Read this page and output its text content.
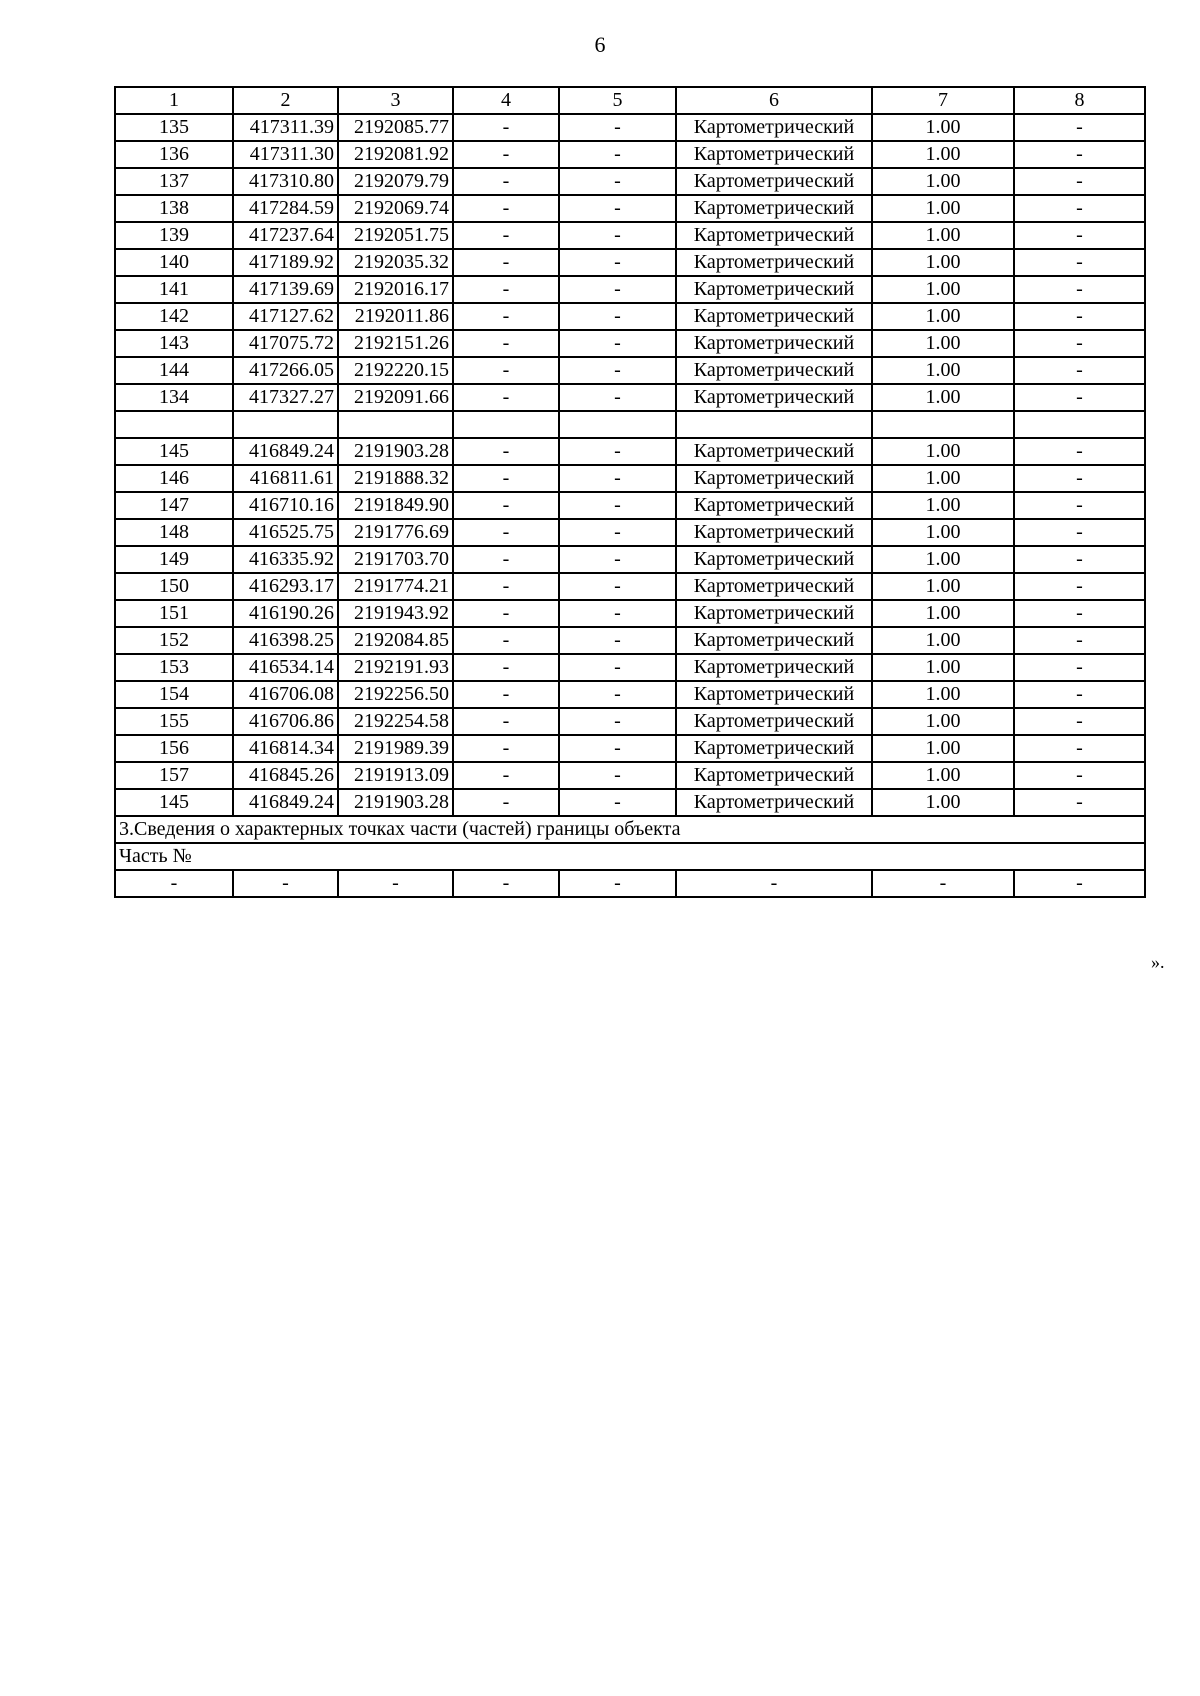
6
1	2	3	4	5	6	7	8
135	417311.39	2192085.77	-	-	Картометрический	1.00	-
136	417311.30	2192081.92	-	-	Картометрический	1.00	-
137	417310.80	2192079.79	-	-	Картометрический	1.00	-
138	417284.59	2192069.74	-	-	Картометрический	1.00	-
139	417237.64	2192051.75	-	-	Картометрический	1.00	-
140	417189.92	2192035.32	-	-	Картометрический	1.00	-
141	417139.69	2192016.17	-	-	Картометрический	1.00	-
142	417127.62	2192011.86	-	-	Картометрический	1.00	-
143	417075.72	2192151.26	-	-	Картометрический	1.00	-
144	417266.05	2192220.15	-	-	Картометрический	1.00	-
134	417327.27	2192091.66	-	-	Картометрический	1.00	-

145	416849.24	2191903.28	-	-	Картометрический	1.00	-
146	416811.61	2191888.32	-	-	Картометрический	1.00	-
147	416710.16	2191849.90	-	-	Картометрический	1.00	-
148	416525.75	2191776.69	-	-	Картометрический	1.00	-
149	416335.92	2191703.70	-	-	Картометрический	1.00	-
150	416293.17	2191774.21	-	-	Картометрический	1.00	-
151	416190.26	2191943.92	-	-	Картометрический	1.00	-
152	416398.25	2192084.85	-	-	Картометрический	1.00	-
153	416534.14	2192191.93	-	-	Картометрический	1.00	-
154	416706.08	2192256.50	-	-	Картометрический	1.00	-
155	416706.86	2192254.58	-	-	Картометрический	1.00	-
156	416814.34	2191989.39	-	-	Картометрический	1.00	-
157	416845.26	2191913.09	-	-	Картометрический	1.00	-
145	416849.24	2191903.28	-	-	Картометрический	1.00	-
3.Сведения о характерных точках части (частей) границы объекта							
Часть №							
-	-	-	-	-	-	-	-
».
